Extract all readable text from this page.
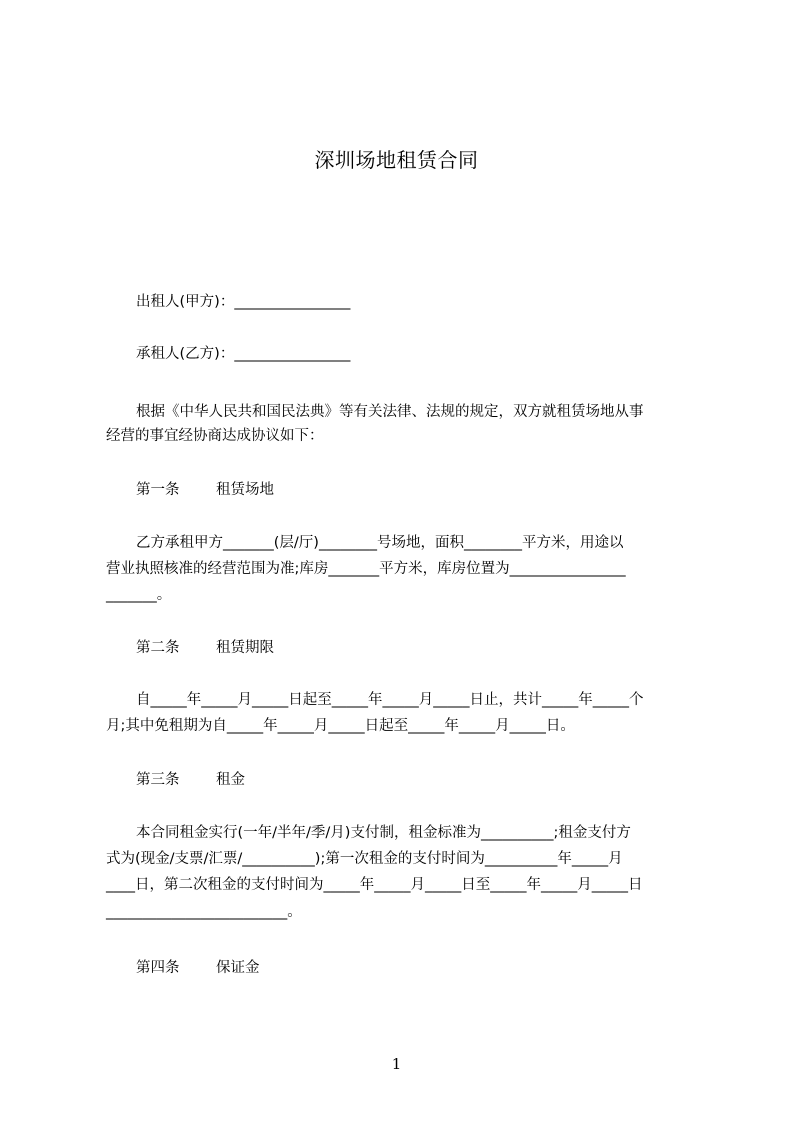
深圳场地租赁合同
出租人(甲方)：________________
承租人(乙方)：________________
根据《中华人民共和国民法典》等有关法律、法规的规定，双方就租赁场地从事
经营的事宜经协商达成协议如下：
第一条	租赁场地
乙方承租甲方_______(层/厅)________号场地，面积________平方米，用途以
营业执照核准的经营范围为准;库房_______平方米，库房位置为________________
_______。
第二条	租赁期限
自_____年_____月_____日起至_____年_____月_____日止，共计_____年_____个
月;其中免租期为自_____年_____月_____日起至_____年_____月_____日。
第三条	租金
本合同租金实行(一年/半年/季/月)支付制，租金标准为__________;租金支付方
式为(现金/支票/汇票/__________);第一次租金的支付时间为__________年_____月
____日，第二次租金的支付时间为_____年_____月_____日至_____年_____月_____日
_________________________。
第四条	保证金
1
